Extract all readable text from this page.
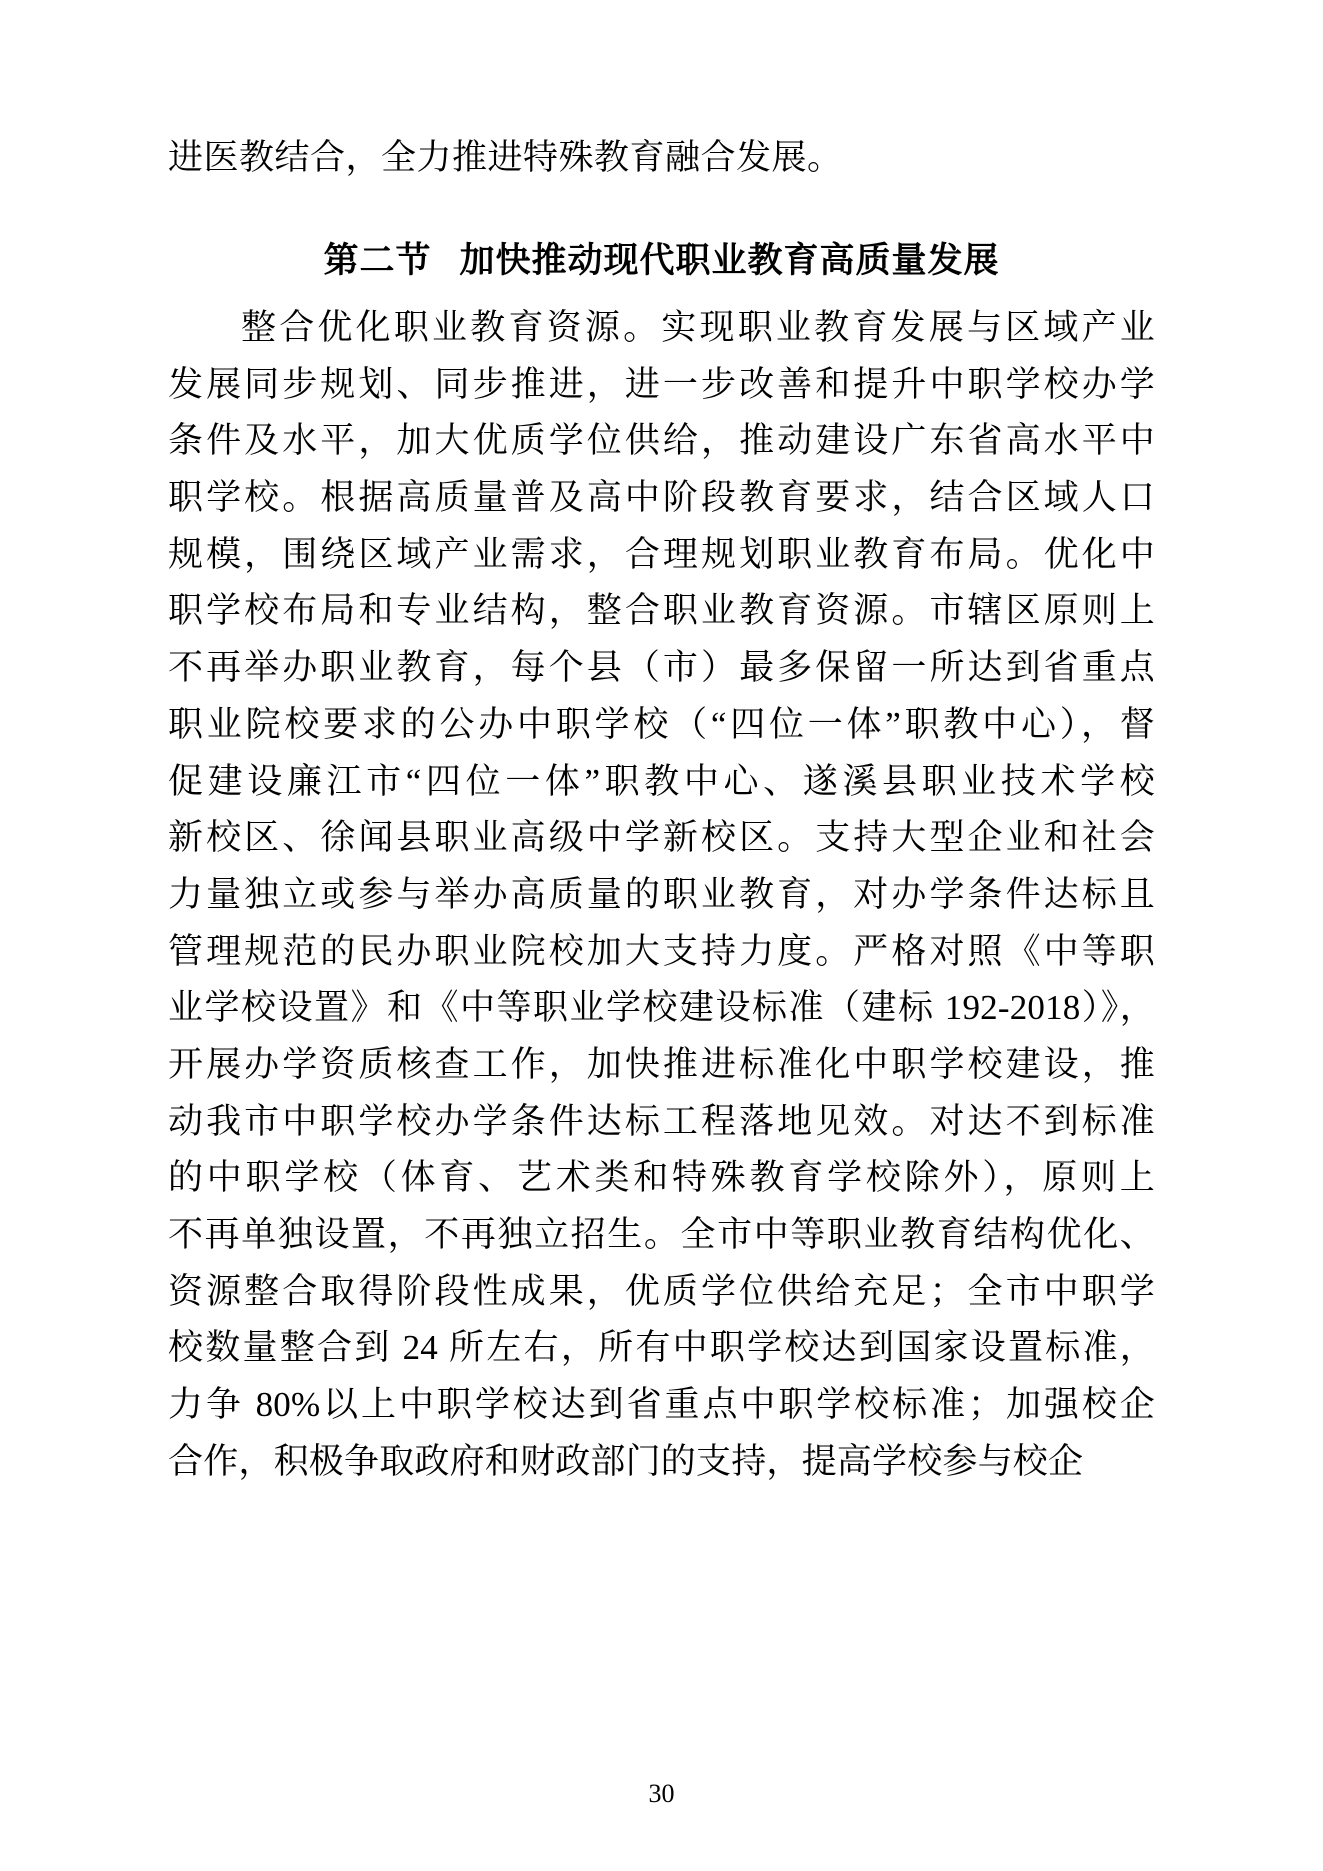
进医教结合，全力推进特殊教育融合发展。

第二节 加快推动现代职业教育高质量发展
整合优化职业教育资源。实现职业教育发展与区域产业
发展同步规划、同步推进，进一步改善和提升中职学校办学
条件及水平，加大优质学位供给，推动建设广东省高水平中
职学校。根据高质量普及高中阶段教育要求，结合区域人口
规模，围绕区域产业需求，合理规划职业教育布局。优化中
职学校布局和专业结构，整合职业教育资源。市辖区原则上
不再举办职业教育，每个县（市）最多保留一所达到省重点
职业院校要求的公办中职学校（“四位一体”职教中心），督
促建设廉江市“四位一体”职教中心、遂溪县职业技术学校
新校区、徐闻县职业高级中学新校区。支持大型企业和社会
力量独立或参与举办高质量的职业教育，对办学条件达标且
管理规范的民办职业院校加大支持力度。严格对照《中等职
业学校设置》和《中等职业学校建设标准（建标 192-2018）》，
开展办学资质核查工作，加快推进标准化中职学校建设，推
动我市中职学校办学条件达标工程落地见效。对达不到标准
的中职学校（体育、艺术类和特殊教育学校除外），原则上
不再单独设置，不再独立招生。全市中等职业教育结构优化、
资源整合取得阶段性成果，优质学位供给充足；全市中职学
校数量整合到 24 所左右，所有中职学校达到国家设置标准，
力争 80%以上中职学校达到省重点中职学校标准；加强校企
合作，积极争取政府和财政部门的支持，提高学校参与校企
30
